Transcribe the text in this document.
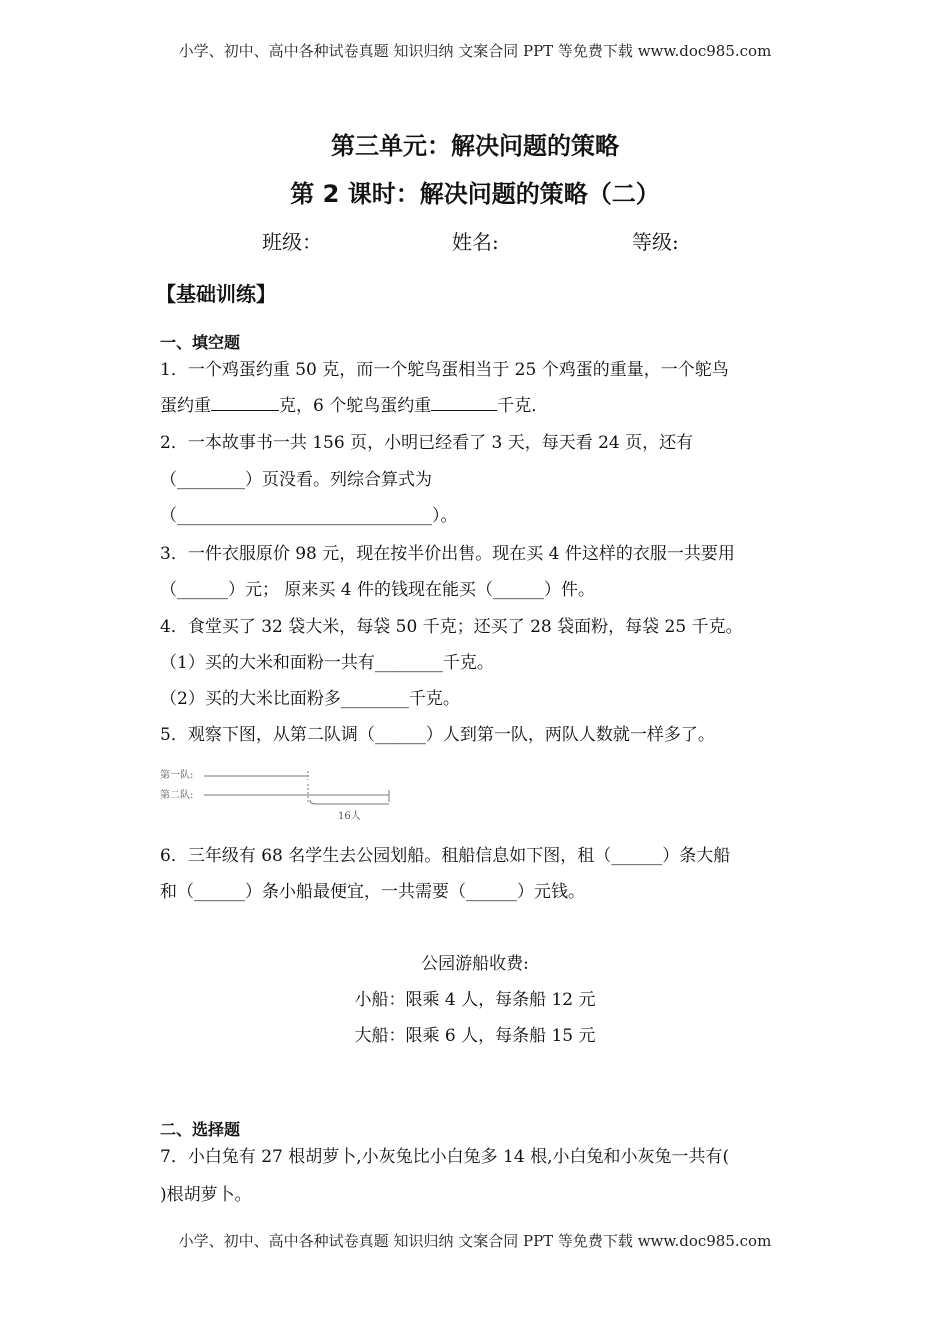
小学、初中、高中各种试卷真题 知识归纳 文案合同 PPT 等免费下载 www.doc985.com
第三单元：解决问题的策略
第 2 课时：解决问题的策略（二）
班级：	姓名:	等级:
【基础训练】
一、填空题
1．一个鸡蛋约重 50 克，而一个鸵鸟蛋相当于 25 个鸡蛋的重量，一个鸵鸟
蛋约重	克，6 个鸵鸟蛋约重	千克．
2．一本故事书一共 156 页，小明已经看了 3 天，每天看 24 页，还有
（________）页没看。列综合算式为
（______________________________）。
3．一件衣服原价 98 元，现在按半价出售。现在买 4 件这样的衣服一共要用
（______）元； 原来买 4 件的钱现在能买（______）件。
4．食堂买了 32 袋大米，每袋 50 千克；还买了 28 袋面粉，每袋 25 千克。
（1）买的大米和面粉一共有________千克。
（2）买的大米比面粉多________千克。
5．观察下图，从第二队调（______）人到第一队，两队人数就一样多了。
第一队:
第二队:
16人
6．三年级有 68 名学生去公园划船。租船信息如下图，租（______）条大船
和（______）条小船最便宜，一共需要（______）元钱。
公园游船收费:
小船：限乘 4 人，每条船 12 元
大船：限乘 6 人，每条船 15 元
二、选择题
7．小白兔有 27 根胡萝卜,小灰兔比小白兔多 14 根,小白兔和小灰兔一共有(
)根胡萝卜。
小学、初中、高中各种试卷真题 知识归纳 文案合同 PPT 等免费下载 www.doc985.com
